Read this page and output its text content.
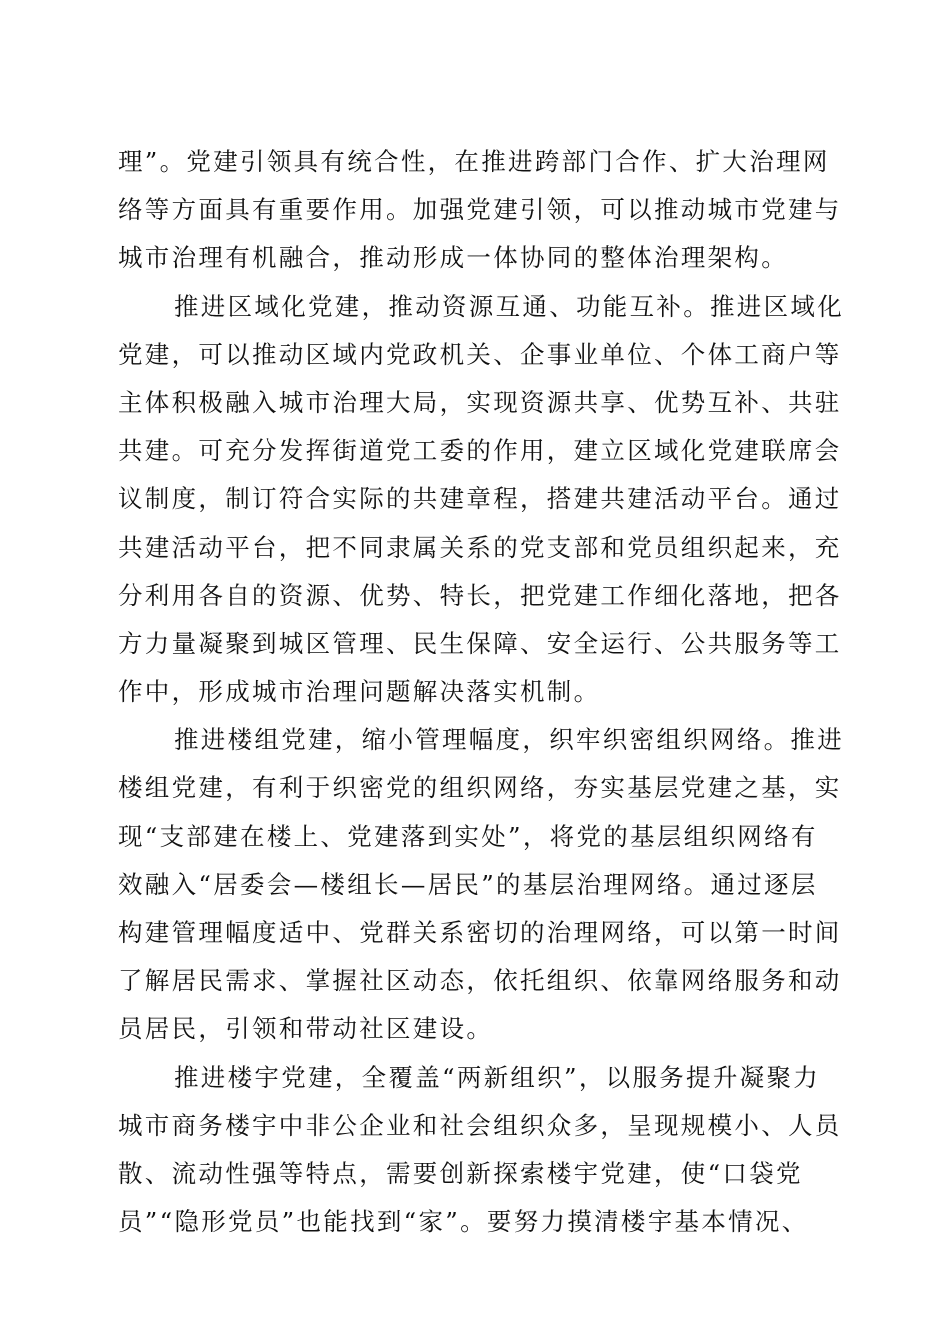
理”。党建引领具有统合性，在推进跨部门合作、扩大治理网
络等方面具有重要作用。加强党建引领，可以推动城市党建与
城市治理有机融合，推动形成一体协同的整体治理架构。
推进区域化党建，推动资源互通、功能互补。推进区域化
党建，可以推动区域内党政机关、企事业单位、个体工商户等
主体积极融入城市治理大局，实现资源共享、优势互补、共驻
共建。可充分发挥街道党工委的作用，建立区域化党建联席会
议制度，制订符合实际的共建章程，搭建共建活动平台。通过
共建活动平台，把不同隶属关系的党支部和党员组织起来，充
分利用各自的资源、优势、特长，把党建工作细化落地，把各
方力量凝聚到城区管理、民生保障、安全运行、公共服务等工
作中，形成城市治理问题解决落实机制。
推进楼组党建，缩小管理幅度，织牢织密组织网络。推进
楼组党建，有利于织密党的组织网络，夯实基层党建之基，实
现“支部建在楼上、党建落到实处”，将党的基层组织网络有
效融入“居委会—楼组长—居民”的基层治理网络。通过逐层
构建管理幅度适中、党群关系密切的治理网络，可以第一时间
了解居民需求、掌握社区动态，依托组织、依靠网络服务和动
员居民，引领和带动社区建设。
推进楼宇党建，全覆盖“两新组织”，以服务提升凝聚力
城市商务楼宇中非公企业和社会组织众多，呈现规模小、人员
散、流动性强等特点，需要创新探索楼宇党建，使“口袋党
员”“隐形党员”也能找到“家”。要努力摸清楼宇基本情况、
